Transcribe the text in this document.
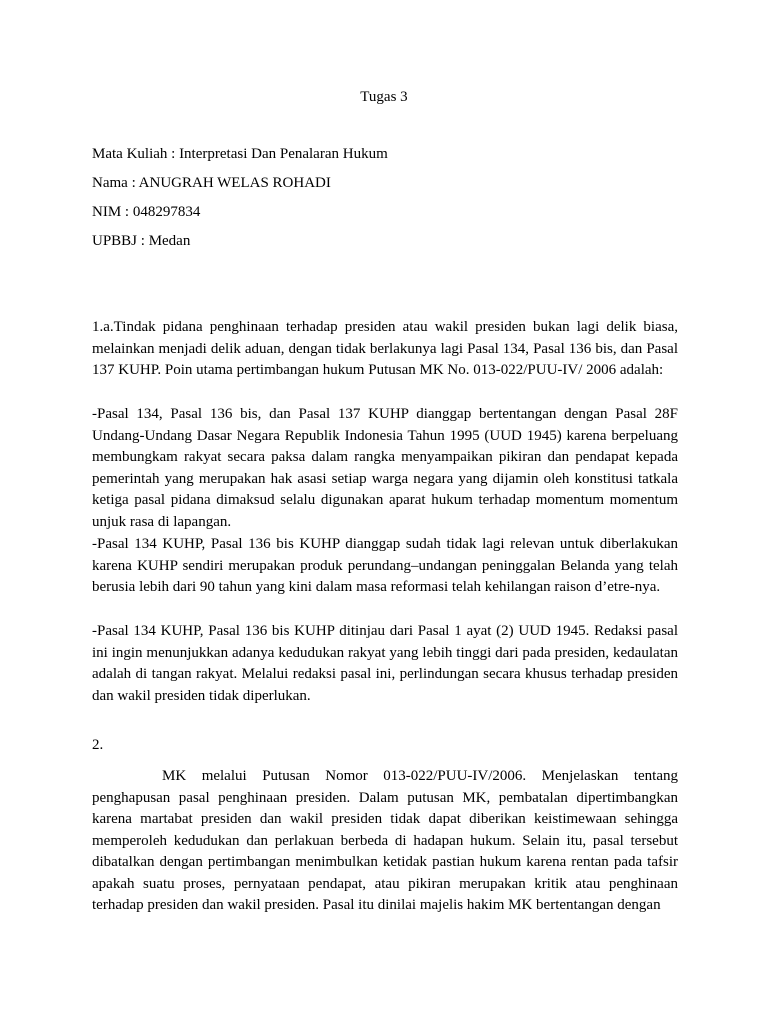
Tugas 3
Mata Kuliah : Interpretasi Dan Penalaran Hukum
Nama : ANUGRAH WELAS ROHADI
NIM : 048297834
UPBBJ : Medan

1.a.Tindak pidana penghinaan terhadap presiden atau wakil presiden bukan lagi delik biasa, melainkan menjadi delik aduan, dengan tidak berlakunya lagi Pasal 134, Pasal 136 bis, dan Pasal 137 KUHP. Poin utama pertimbangan hukum Putusan MK No. 013-022/PUU-IV/ 2006 adalah:

-Pasal 134, Pasal 136 bis, dan Pasal 137 KUHP dianggap bertentangan dengan Pasal 28F Undang-Undang Dasar Negara Republik Indonesia Tahun 1995 (UUD 1945) karena berpeluang membungkam rakyat secara paksa dalam rangka menyampaikan pikiran dan pendapat kepada pemerintah yang merupakan hak asasi setiap warga negara yang dijamin oleh konstitusi tatkala ketiga pasal pidana dimaksud selalu digunakan aparat hukum terhadap momentum momentum unjuk rasa di lapangan.

-Pasal 134 KUHP, Pasal 136 bis KUHP dianggap sudah tidak lagi relevan untuk diberlakukan karena KUHP sendiri merupakan produk perundang–undangan peninggalan Belanda yang telah berusia lebih dari 90 tahun yang kini dalam masa reformasi telah kehilangan raison d’etre-nya.

-Pasal 134 KUHP, Pasal 136 bis KUHP ditinjau dari Pasal 1 ayat (2) UUD 1945. Redaksi pasal ini ingin menunjukkan adanya kedudukan rakyat yang lebih tinggi dari pada presiden, kedaulatan adalah di tangan rakyat. Melalui redaksi pasal ini, perlindungan secara khusus terhadap presiden dan wakil presiden tidak diperlukan.

2.

MK melalui Putusan Nomor 013-022/PUU-IV/2006. Menjelaskan tentang penghapusan pasal penghinaan presiden. Dalam putusan MK, pembatalan dipertimbangkan karena martabat presiden dan wakil presiden tidak dapat diberikan keistimewaan sehingga memperoleh kedudukan dan perlakuan berbeda di hadapan hukum. Selain itu, pasal tersebut dibatalkan dengan pertimbangan menimbulkan ketidak pastian hukum karena rentan pada tafsir apakah suatu proses, pernyataan pendapat, atau pikiran merupakan kritik atau penghinaan terhadap presiden dan wakil presiden. Pasal itu dinilai majelis hakim MK bertentangan dengan
